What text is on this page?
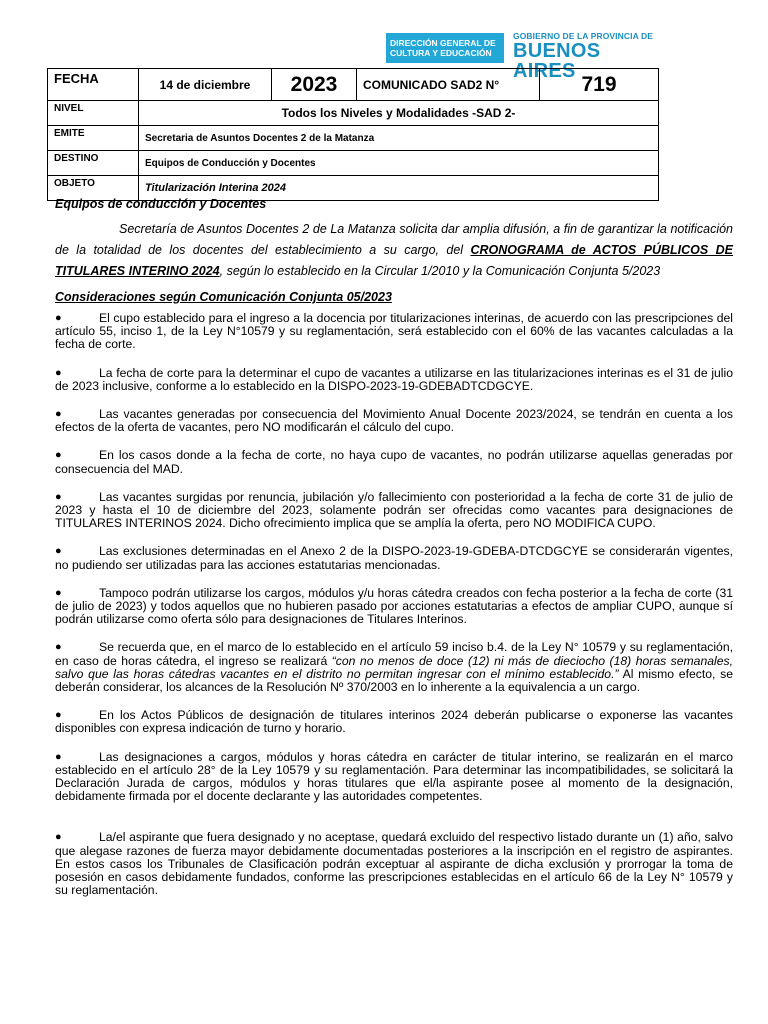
DIRECCIÓN GENERAL DE
CULTURA Y EDUCACIÓN
GOBIERNO DE LA PROVINCIA DE
BUENOS AIRES
FECHA	14 de diciembre	2023	COMUNICADO SAD2 N°	719
NIVEL	Todos los Niveles y Modalidades -SAD 2-			
EMITE	Secretaria de Asuntos Docentes 2 de la Matanza			
DESTINO	Equipos de Conducción y Docentes			
OBJETO	Titularización Interina 2024			

Equipos de conducción y Docentes

Secretaría de Asuntos Docentes 2 de La Matanza solicita dar amplia difusión, a fin de garantizar la notificación de la totalidad de los docentes del establecimiento a su cargo, del CRONOGRAMA de ACTOS PÚBLICOS DE TITULARES INTERINO 2024, según lo establecido en la Circular 1/2010 y la Comunicación Conjunta 5/2023

Consideraciones según Comunicación Conjunta 05/2023

●	El cupo establecido para el ingreso a la docencia por titularizaciones interinas, de acuerdo con las prescripciones del artículo 55, inciso 1, de la Ley N°10579 y su reglamentación, será establecido con el 60% de las vacantes calculadas a la fecha de corte.

●	La fecha de corte para la determinar el cupo de vacantes a utilizarse en las titularizaciones interinas es el 31 de julio de 2023 inclusive, conforme a lo establecido en la DISPO-2023-19-GDEBADTCDGCYE.

●	Las vacantes generadas por consecuencia del Movimiento Anual Docente 2023/2024, se tendrán en cuenta a los efectos de la oferta de vacantes, pero NO modificarán el cálculo del cupo.

●	En los casos donde a la fecha de corte, no haya cupo de vacantes, no podrán utilizarse aquellas generadas por consecuencia del MAD.

●	Las vacantes surgidas por renuncia, jubilación y/o fallecimiento con posterioridad a la fecha de corte 31 de julio de 2023 y hasta el 10 de diciembre del 2023, solamente podrán ser ofrecidas como vacantes para designaciones de TITULARES INTERINOS 2024. Dicho ofrecimiento implica que se amplía la oferta, pero NO MODIFICA CUPO.

●	Las exclusiones determinadas en el Anexo 2 de la DISPO-2023-19-GDEBA-DTCDGCYE se considerarán vigentes, no pudiendo ser utilizadas para las acciones estatutarias mencionadas.

●	Tampoco podrán utilizarse los cargos, módulos y/u horas cátedra creados con fecha posterior a la fecha de corte (31 de julio de 2023) y todos aquellos que no hubieren pasado por acciones estatutarias a efectos de ampliar CUPO, aunque sí podrán utilizarse como oferta sólo para designaciones de Titulares Interinos.

●	Se recuerda que, en el marco de lo establecido en el artículo 59 inciso b.4. de la Ley N° 10579 y su reglamentación, en caso de horas cátedra, el ingreso se realizará “con no menos de doce (12) ni más de dieciocho (18) horas semanales, salvo que las horas cátedras vacantes en el distrito no permitan ingresar con el mínimo establecido.” Al mismo efecto, se deberán considerar, los alcances de la Resolución Nº 370/2003 en lo inherente a la equivalencia a un cargo.

●	En los Actos Públicos de designación de titulares interinos 2024 deberán publicarse o exponerse las vacantes disponibles con expresa indicación de turno y horario.

●	Las designaciones a cargos, módulos y horas cátedra en carácter de titular interino, se realizarán en el marco establecido en el artículo 28° de la Ley 10579 y su reglamentación. Para determinar las incompatibilidades, se solicitará la Declaración Jurada de cargos, módulos y horas titulares que el/la aspirante posee al momento de la designación, debidamente firmada por el docente declarante y las autoridades competentes.

●	La/el aspirante que fuera designado y no aceptase, quedará excluido del respectivo listado durante un (1) año, salvo que alegase razones de fuerza mayor debidamente documentadas posteriores a la inscripción en el registro de aspirantes. En estos casos los Tribunales de Clasificación podrán exceptuar al aspirante de dicha exclusión y prorrogar la toma de posesión en casos debidamente fundados, conforme las prescripciones establecidas en el artículo 66 de la Ley N° 10579 y su reglamentación.
